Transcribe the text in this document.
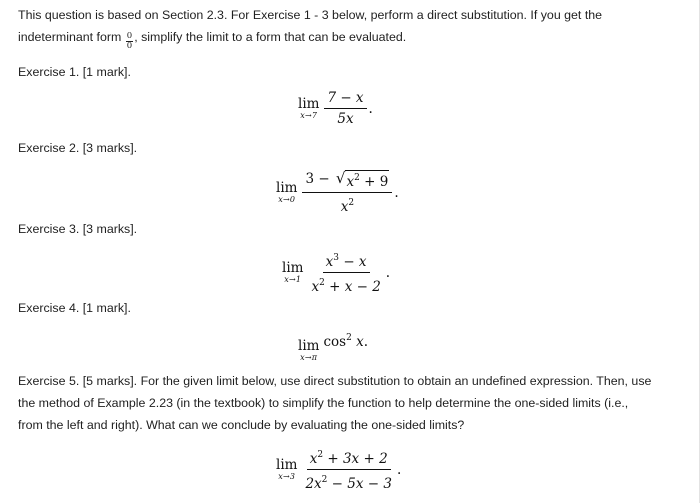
This question is based on Section 2.3. For Exercise 1 - 3 below, perform a direct substitution. If you get the
indeterminant form $\frac{0}{0}$ , simplify the limit to a form that can be evaluated.
Exercise 1. [1 mark].
lim
$x\to 7 \frac{7 - x}{5x}$ .
Exercise 2. [3 marks].
lim
$x\to 0 \frac{3 - √ x^2 + 9}{x^2}$ .
Exercise 3. [3 marks].
lim
$x\to 1 \frac{x^3 - x}{x^2 + x - 2}$ .
Exercise 4. [1 mark].
lim
x→π
$\cos^2 x$.
Exercise 5. [5 marks]. For the given limit below, use direct substitution to obtain an undefined expression. Then, use
the method of Example 2.23 (in the textbook) to simplify the function to help determine the one-sided limits (i.e.,
from the left and right). What can we conclude by evaluating the one-sided limits?
lim
$x\to 3 \frac{x^2 + 3x + 2}{2x^2 - 5x - 3}$ .
